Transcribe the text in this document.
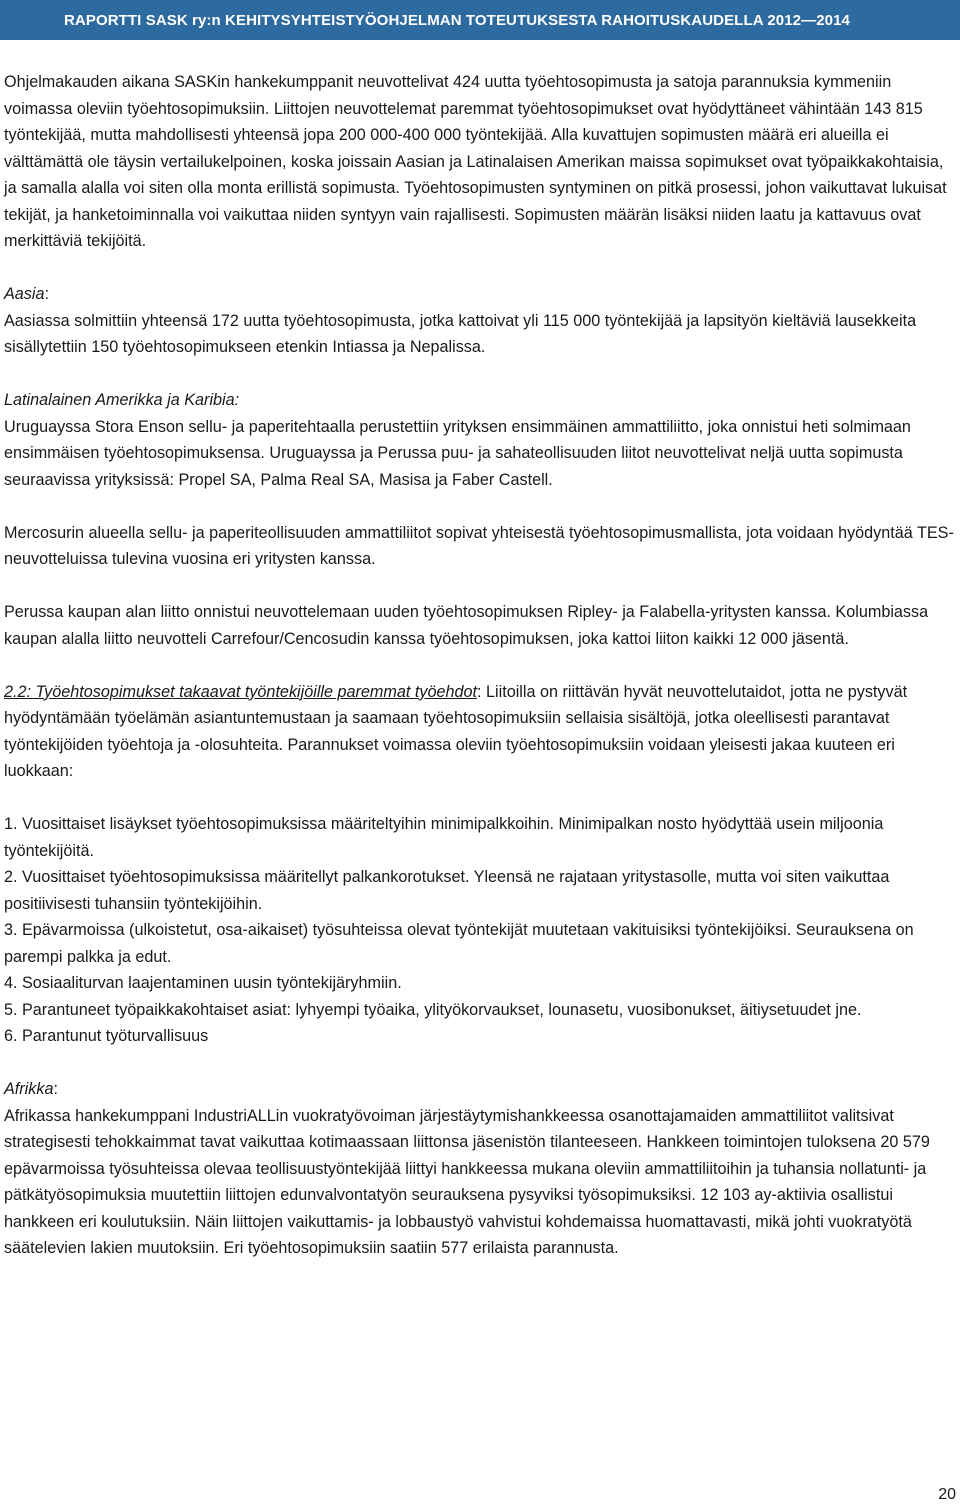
RAPORTTI SASK ry:n KEHITYSYHTEISTYÖOHJELMAN TOTEUTUKSESTA RAHOITUSKAUDELLA 2012—2014

Ohjelmakauden aikana SASKin hankekumppanit neuvottelivat 424 uutta työehtosopimusta ja satoja parannuksia kymmeniin voimassa oleviin työehtosopimuksiin. Liittojen neuvottelemat paremmat työehtosopimukset ovat hyödyttäneet vähintään 143 815 työntekijää, mutta mahdollisesti yhteensä jopa 200 000-400 000 työntekijää. Alla kuvattujen sopimusten määrä eri alueilla ei välttämättä ole täysin vertailukelpoinen, koska joissain Aasian ja Latinalaisen Amerikan maissa sopimukset ovat työpaikkakohtaisia, ja samalla alalla voi siten olla monta erillistä sopimusta. Työehtosopimusten syntyminen on pitkä prosessi, johon vaikuttavat lukuisat tekijät, ja hanketoiminnalla voi vaikuttaa niiden syntyyn vain rajallisesti. Sopimusten määrän lisäksi niiden laatu ja kattavuus ovat merkittäviä tekijöitä.

Aasia:

Aasiassa solmittiin yhteensä 172 uutta työehtosopimusta, jotka kattoivat yli 115 000 työntekijää ja lapsityön kieltäviä lausekkeita sisällytettiin 150 työehtosopimukseen etenkin Intiassa ja Nepalissa.

Latinalainen Amerikka ja Karibia:

Uruguayssa Stora Enson sellu- ja paperitehtaalla perustettiin yrityksen ensimmäinen ammattiliitto, joka onnistui heti solmimaan ensimmäisen työehtosopimuksensa. Uruguayssa ja Perussa puu- ja sahateollisuuden liitot neuvottelivat neljä uutta sopimusta seuraavissa yrityksissä: Propel SA, Palma Real SA, Masisa ja Faber Castell.

Mercosurin alueella sellu- ja paperiteollisuuden ammattiliitot sopivat yhteisestä työehtosopimusmallista, jota voidaan hyödyntää TES-neuvotteluissa tulevina vuosina eri yritysten kanssa.

Perussa kaupan alan liitto onnistui neuvottelemaan uuden työehtosopimuksen Ripley- ja Falabella-yritysten kanssa. Kolumbiassa kaupan alalla liitto neuvotteli Carrefour/Cencosudin kanssa työehtosopimuksen, joka kattoi liiton kaikki 12 000 jäsentä.

2.2: Työehtosopimukset takaavat työntekijöille paremmat työehdot: Liitoilla on riittävän hyvät neuvottelutaidot, jotta ne pystyvät hyödyntämään työelämän asiantuntemustaan ja saamaan työehtosopimuksiin sellaisia sisältöjä, jotka oleellisesti parantavat työntekijöiden työehtoja ja -olosuhteita. Parannukset voimassa oleviin työehtosopimuksiin voidaan yleisesti jakaa kuuteen eri luokkaan:

1. Vuosittaiset lisäykset työehtosopimuksissa määriteltyihin minimipalkkoihin. Minimipalkan nosto hyödyttää usein miljoonia työntekijöitä.

2. Vuosittaiset työehtosopimuksissa määritellyt palkankorotukset. Yleensä ne rajataan yritystasolle, mutta voi siten vaikuttaa positiivisesti tuhansiin työntekijöihin.

3. Epävarmoissa (ulkoistetut, osa-aikaiset) työsuhteissa olevat työntekijät muutetaan vakituisiksi työntekijöiksi. Seurauksena on parempi palkka ja edut.

4. Sosiaaliturvan laajentaminen uusin työntekijäryhmiin.

5. Parantuneet työpaikkakohtaiset asiat: lyhyempi työaika, ylityökorvaukset, lounasetu, vuosibonukset, äitiysetuudet jne.

6. Parantunut työturvallisuus

Afrikka:

Afrikassa hankekumppani IndustriALLin vuokratyövoiman järjestäytymishankkeessa osanottajamaiden ammattiliitot valitsivat strategisesti tehokkaimmat tavat vaikuttaa kotimaassaan liittonsa jäsenistön tilanteeseen. Hankkeen toimintojen tuloksena 20 579 epävarmoissa työsuhteissa olevaa teollisuustyöntekijää liittyi hankkeessa mukana oleviin ammattiliitoihin ja tuhansia nollatunti- ja pätkätyösopimuksia muutettiin liittojen edunvalvontatyön seurauksena pysyviksi työsopimuksiksi. 12 103 ay-aktiivia osallistui hankkeen eri koulutuksiin. Näin liittojen vaikuttamis- ja lobbaustyö vahvistui kohdemaissa huomattavasti, mikä johti vuokratyötä säätelevien lakien muutoksiin. Eri työehtosopimuksiin saatiin 577 erilaista parannusta.

20
